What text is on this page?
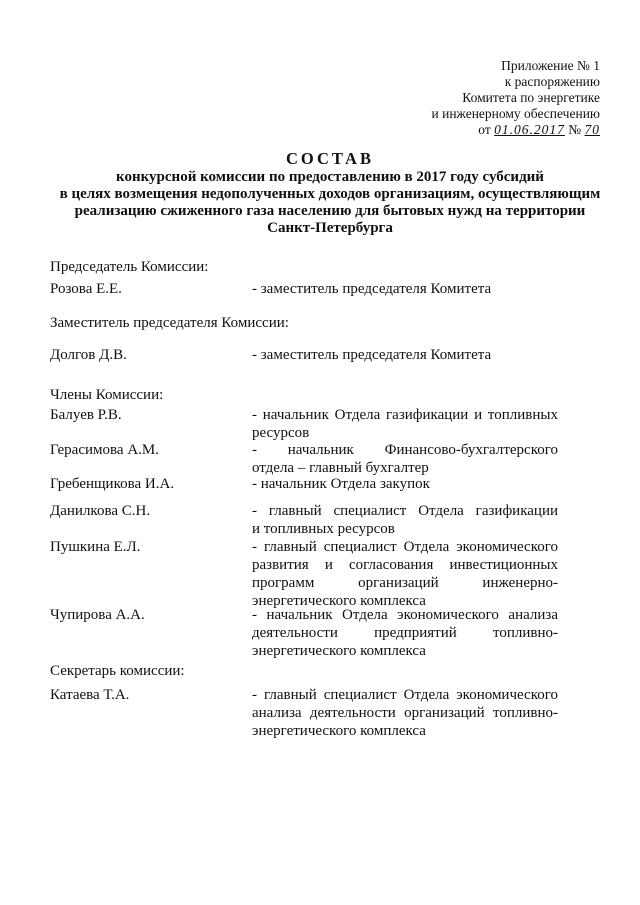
Приложение № 1
к распоряжению
Комитета по энергетике
и инженерному обеспечению
от 01.06.2017 № 70
СОСТАВ
конкурсной комиссии по предоставлению в 2017 году субсидий
в целях возмещения недополученных доходов организациям, осуществляющим
реализацию сжиженного газа населению для бытовых нужд на территории
Санкт-Петербурга
Председатель Комиссии:
Розова Е.Е.	- заместитель председателя Комитета
Заместитель председателя Комиссии:
Долгов Д.В.	- заместитель председателя Комитета
Члены Комиссии:
Балуев Р.В.	- начальник Отдела газификации и топливных
ресурсов
Герасимова А.М.	- начальник Финансово-бухгалтерского
отдела – главный бухгалтер
Гребенщикова И.А.	- начальник Отдела закупок
Данилкова С.Н.	- главный специалист Отдела газификации
и топливных ресурсов
Пушкина Е.Л.	- главный специалист Отдела экономического
развития и согласования инвестиционных
программ организаций инженерно-
энергетического комплекса
Чупирова А.А.	- начальник Отдела экономического анализа
деятельности предприятий топливно-
энергетического комплекса
Секретарь комиссии:
Катаева Т.А.	- главный специалист Отдела экономического
анализа деятельности организаций топливно-
энергетического комплекса
